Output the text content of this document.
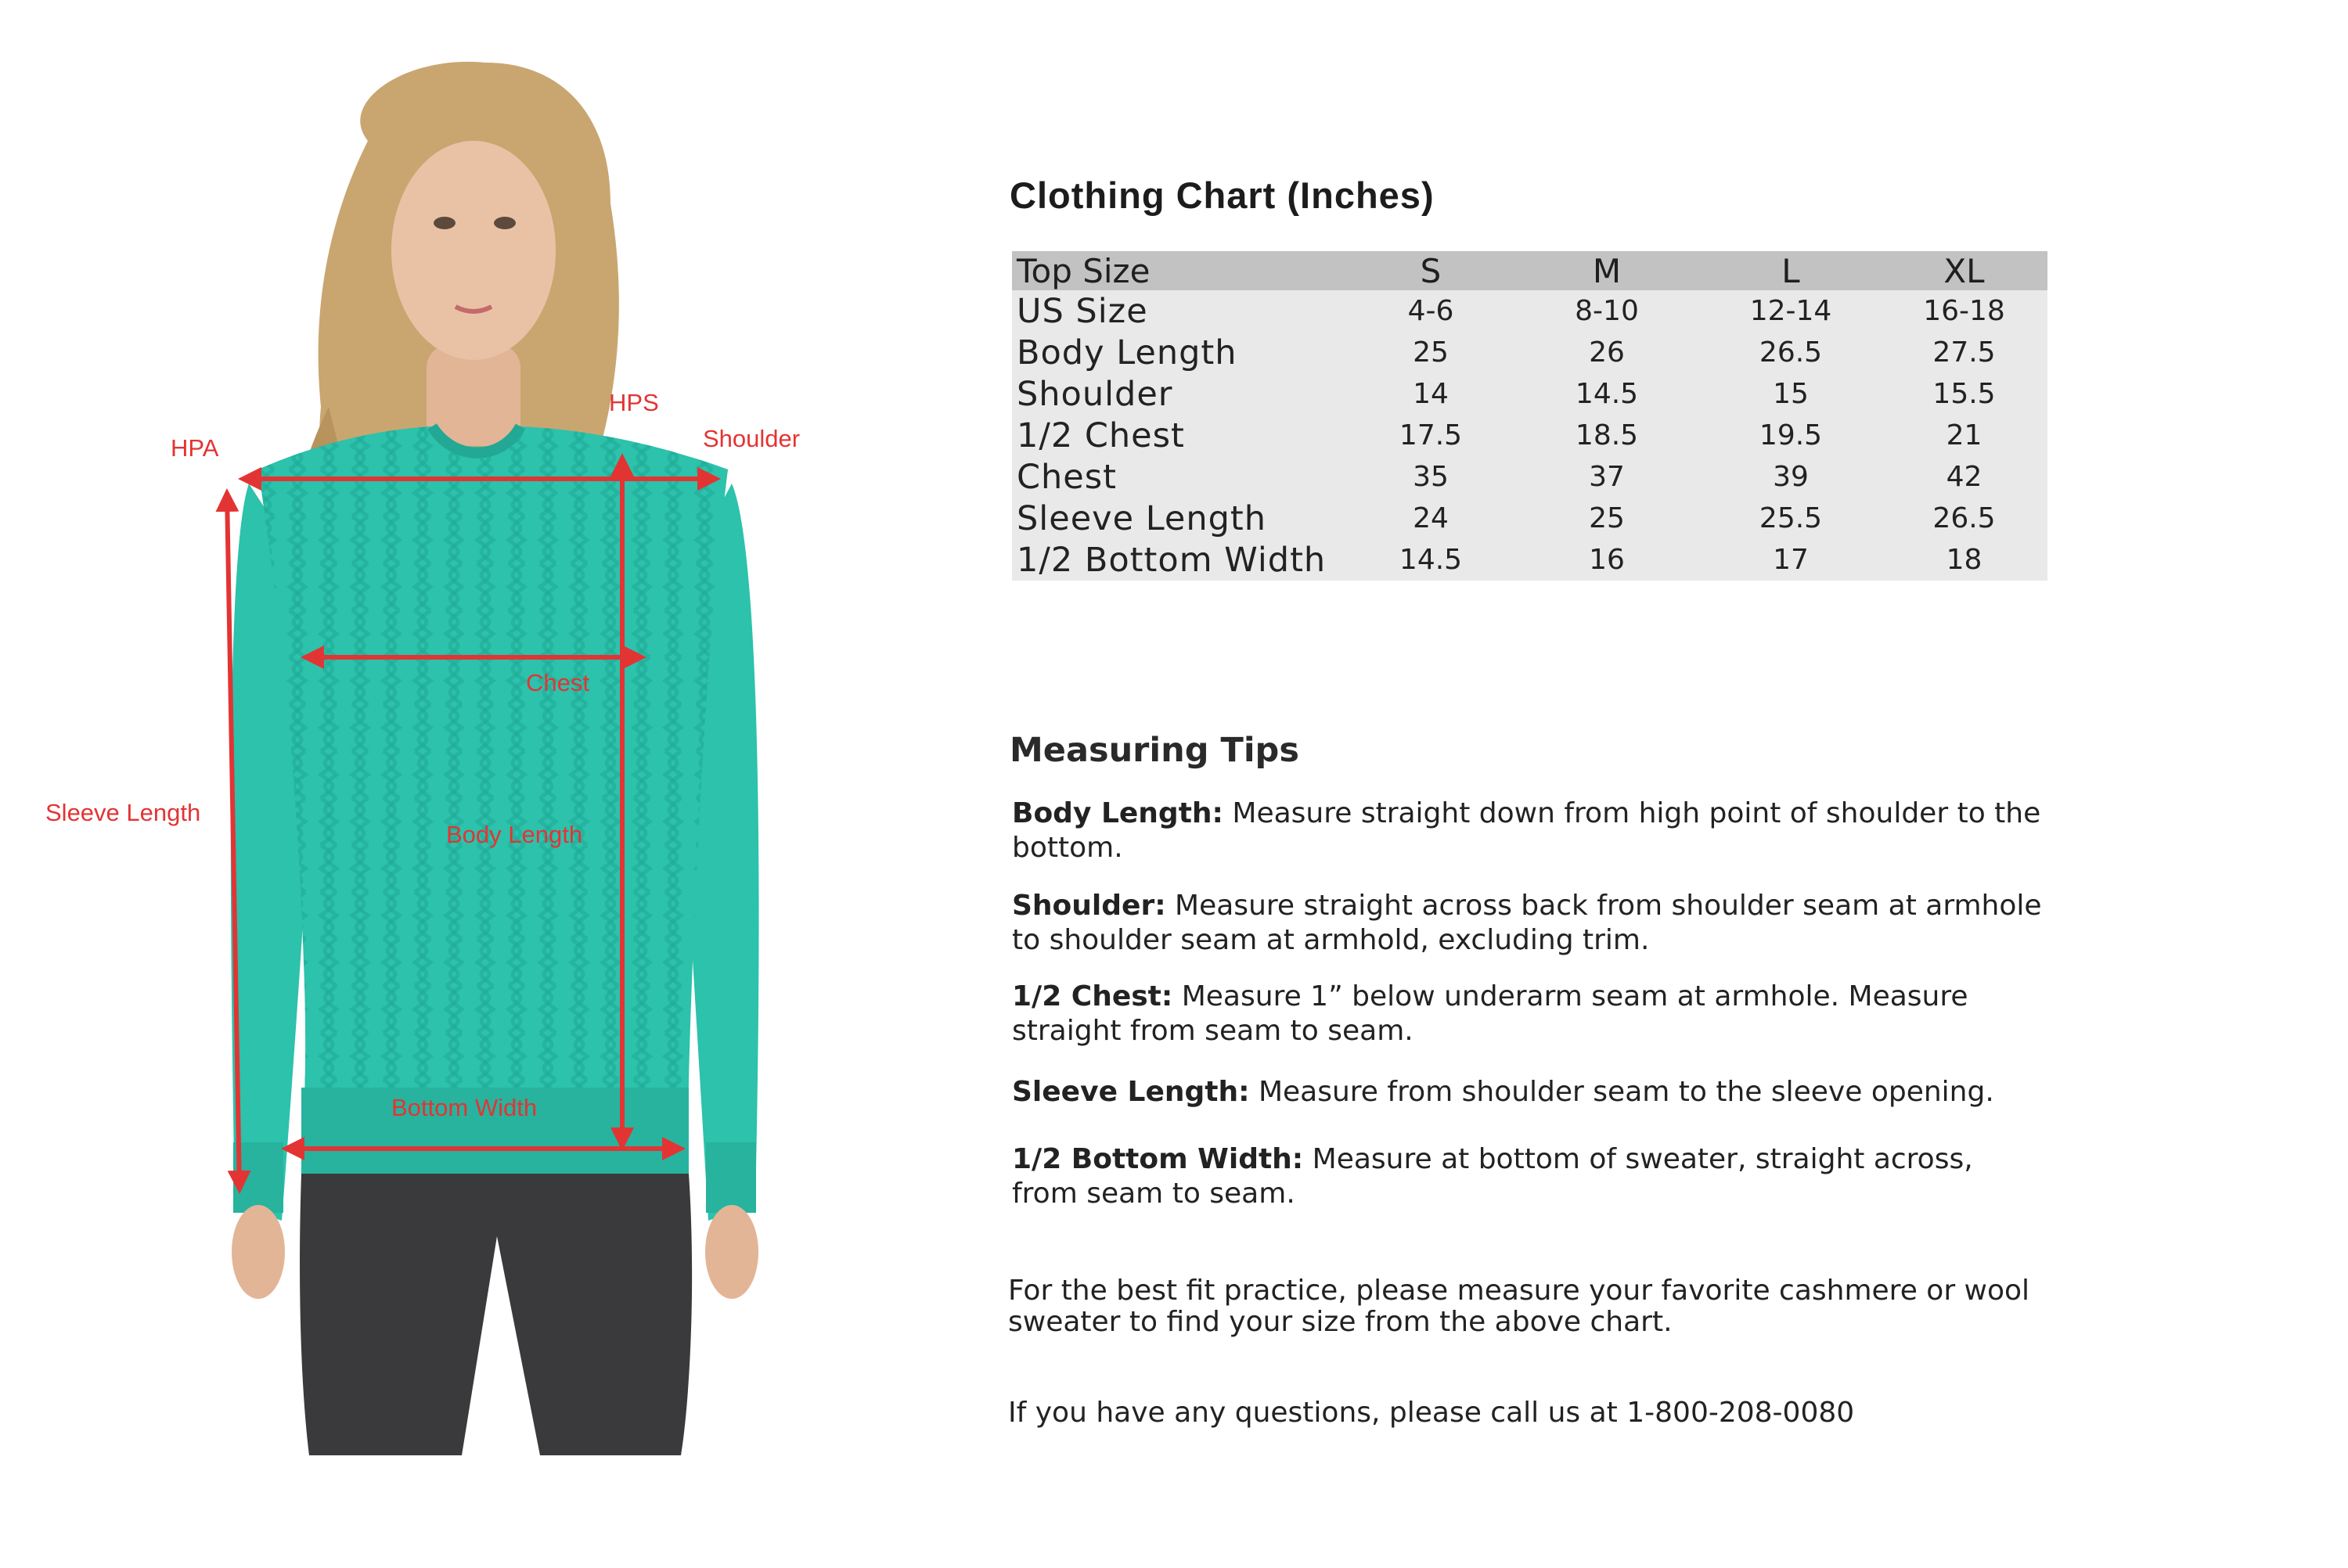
HPA
HPS
Shoulder
Chest
Sleeve Length
Body Length
Bottom Width
Clothing Chart (Inches)
Top Size	S	M	L	XL
US Size	4-6	8-10	12-14	16-18
Body Length	25	26	26.5	27.5
Shoulder	14	14.5	15	15.5
1/2 Chest	17.5	18.5	19.5	21
Chest	35	37	39	42
Sleeve Length	24	25	25.5	26.5
1/2 Bottom Width	14.5	16	17	18
Measuring Tips
Body Length: Measure straight down from high point of shoulder to the bottom.
Shoulder: Measure straight across back from shoulder seam at armhole to shoulder seam at armhold, excluding trim.
1/2 Chest: Measure 1” below underarm seam at armhole. Measure straight from seam to seam.
Sleeve Length: Measure from shoulder seam to the sleeve opening.
1/2 Bottom Width: Measure at bottom of sweater, straight across, from seam to seam.
For the best fit practice, please measure your favorite cashmere or wool sweater to find your size from the above chart.
If you have any questions, please call us at 1-800-208-0080
